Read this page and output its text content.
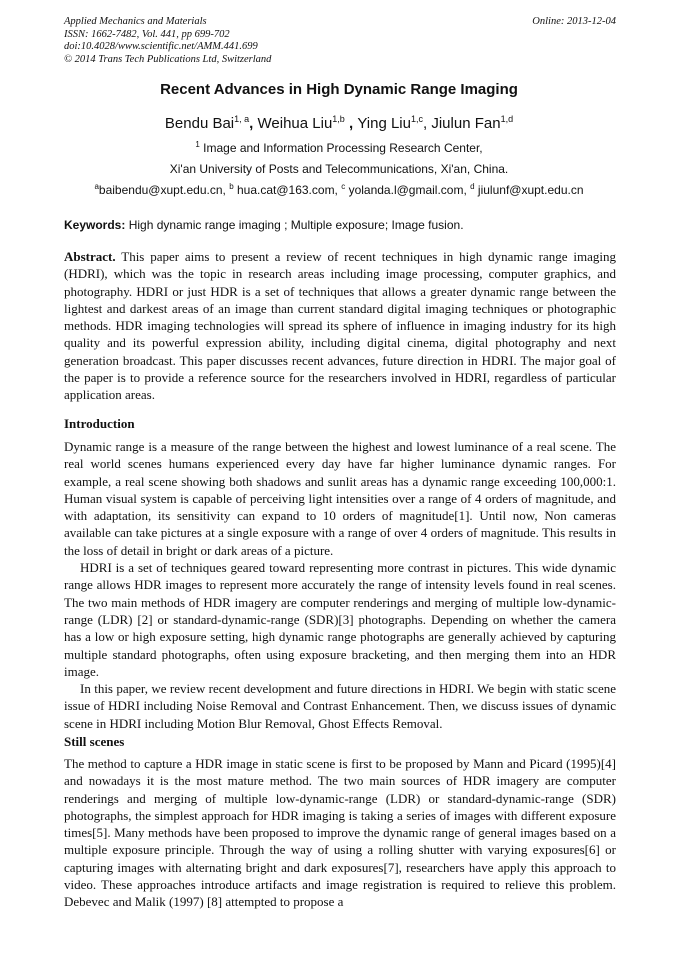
Applied Mechanics and Materials
ISSN: 1662-7482, Vol. 441, pp 699-702
doi:10.4028/www.scientific.net/AMM.441.699
© 2014 Trans Tech Publications Ltd, Switzerland
Online: 2013-12-04
Recent Advances in High Dynamic Range Imaging
Bendu Bai$^{1, a}$, Weihua Liu$^{1,b}$ , Ying Liu$^{1,c}$, Jiulun Fan$^{1,d}$
$^1$ Image and Information Processing Research Center,
Xi'an University of Posts and Telecommunications, Xi'an, China.
$^a$baibendu@xupt.edu.cn, $^b$ hua.cat@163.com, $^c$ yolanda.l@gmail.com, $^d$ jiulunf@xupt.edu.cn
Keywords: High dynamic range imaging ; Multiple exposure; Image fusion.

Abstract. This paper aims to present a review of recent techniques in high dynamic range imaging (HDRI), which was the topic in research areas including image processing, computer graphics, and photography. HDRI or just HDR is a set of techniques that allows a greater dynamic range between the lightest and darkest areas of an image than current standard digital imaging techniques or photographic methods. HDR imaging technologies will spread its sphere of influence in imaging industry for its high quality and its powerful expression ability, including digital cinema, digital photography and next generation broadcast. This paper discusses recent advances, future direction in HDRI. The major goal of the paper is to provide a reference source for the researchers involved in HDRI, regardless of particular application areas.

Introduction

Dynamic range is a measure of the range between the highest and lowest luminance of a real scene. The real world scenes humans experienced every day have far higher luminance dynamic ranges. For example, a real scene showing both shadows and sunlit areas has a dynamic range exceeding 100,000:1. Human visual system is capable of perceiving light intensities over a range of 4 orders of magnitude, and with adaptation, its sensitivity can expand to 10 orders of magnitude[1]. Until now, Non cameras available can take pictures at a single exposure with a range of over 4 orders of magnitude. This results in the loss of detail in bright or dark areas of a picture.

HDRI is a set of techniques geared toward representing more contrast in pictures. This wide dynamic range allows HDR images to represent more accurately the range of intensity levels found in real scenes. The two main methods of HDR imagery are computer renderings and merging of multiple low-dynamic-range (LDR) [2] or standard-dynamic-range (SDR)[3] photographs. Depending on whether the camera has a low or high exposure setting, high dynamic range photographs are generally achieved by capturing multiple standard photographs, often using exposure bracketing, and then merging them into an HDR image.

In this paper, we review recent development and future directions in HDRI. We begin with static scene issue of HDRI including Noise Removal and Contrast Enhancement. Then, we discuss issues of dynamic scene in HDRI including Motion Blur Removal, Ghost Effects Removal.

Still scenes

The method to capture a HDR image in static scene is first to be proposed by Mann and Picard (1995)[4] and nowadays it is the most mature method. The two main sources of HDR imagery are computer renderings and merging of multiple low-dynamic-range (LDR) or standard-dynamic-range (SDR) photographs, the simplest approach for HDR imaging is taking a series of images with different exposure times[5]. Many methods have been proposed to improve the dynamic range of general images based on a multiple exposure principle. Through the way of using a rolling shutter with varying exposures[6] or capturing images with alternating bright and dark exposures[7], researchers have apply this approach to video. These approaches introduce artifacts and image registration is required to relieve this problem. Debevec and Malik (1997) [8] attempted to propose a
